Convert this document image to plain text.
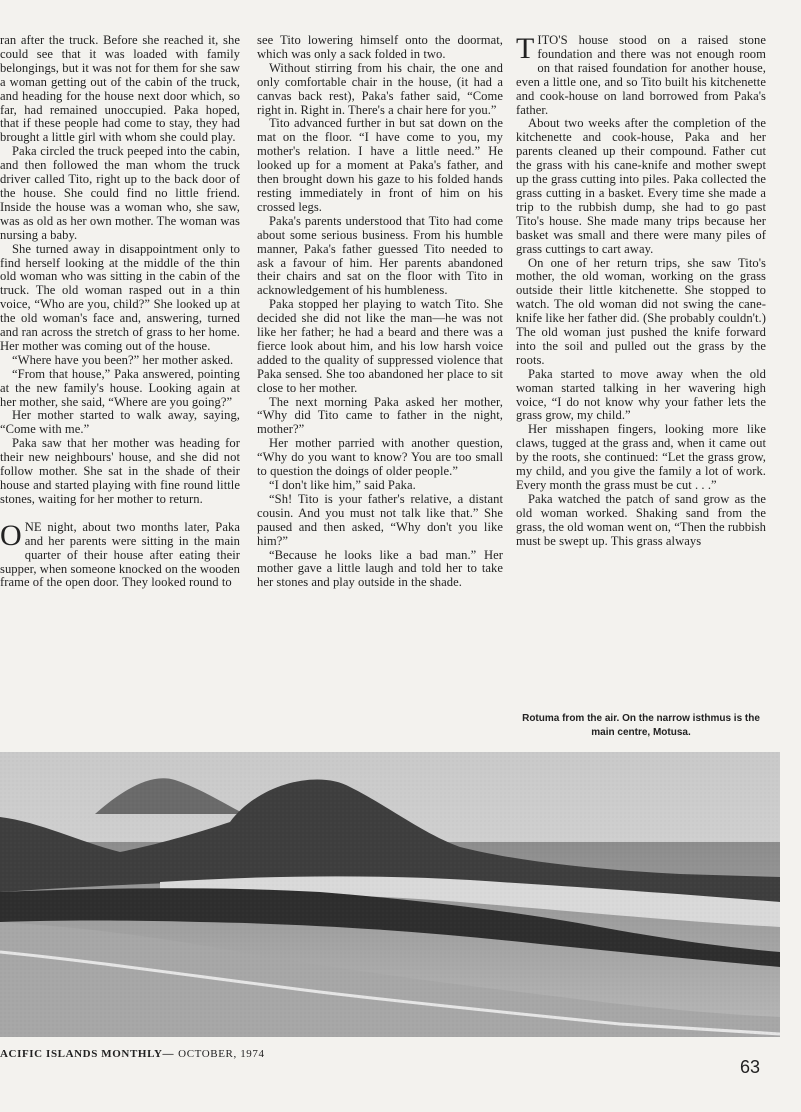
ran after the truck. Before she reached it, she could see that it was loaded with family belongings, but it was not for them for she saw a woman getting out of the cabin of the truck, and heading for the house next door which, so far, had remained unoccupied. Paka hoped, that if these people had come to stay, they had brought a little girl with whom she could play.

Paka circled the truck peeped into the cabin, and then followed the man whom the truck driver called Tito, right up to the back door of the house. She could find no little friend. Inside the house was a woman who, she saw, was as old as her own mother. The woman was nursing a baby.

She turned away in disappointment only to find herself looking at the middle of the thin old woman who was sitting in the cabin of the truck. The old woman rasped out in a thin voice, “Who are you, child?” She looked up at the old woman's face and, answering, turned and ran across the stretch of grass to her home. Her mother was coming out of the house.

“Where have you been?” her mother asked.

“From that house,” Paka answered, pointing at the new family's house. Looking again at her mother, she said, “Where are you going?”

Her mother started to walk away, saying, “Come with me.”

Paka saw that her mother was heading for their new neighbours' house, and she did not follow mother. She sat in the shade of their house and started playing with fine round little stones, waiting for her mother to return.

ONE night, about two months later, Paka and her parents were sitting in the main quarter of their house after eating their supper, when someone knocked on the wooden frame of the open door. They looked round to

see Tito lowering himself onto the doormat, which was only a sack folded in two.

Without stirring from his chair, the one and only comfortable chair in the house, (it had a canvas back rest), Paka's father said, “Come right in. Right in. There's a chair here for you.”

Tito advanced further in but sat down on the mat on the floor. “I have come to you, my mother's relation. I have a little need.” He looked up for a moment at Paka's father, and then brought down his gaze to his folded hands resting immediately in front of him on his crossed legs.

Paka's parents understood that Tito had come about some serious business. From his humble manner, Paka's father guessed Tito needed to ask a favour of him. Her parents abandoned their chairs and sat on the floor with Tito in acknowledgement of his humbleness.

Paka stopped her playing to watch Tito. She decided she did not like the man—he was not like her father; he had a beard and there was a fierce look about him, and his low harsh voice added to the quality of suppressed violence that Paka sensed. She too abandoned her place to sit close to her mother.

The next morning Paka asked her mother, “Why did Tito came to father in the night, mother?”

Her mother parried with another question, “Why do you want to know? You are too small to question the doings of older people.”

“I don't like him,” said Paka.

“Sh! Tito is your father's relative, a distant cousin. And you must not talk like that.” She paused and then asked, “Why don't you like him?”

“Because he looks like a bad man.” Her mother gave a little laugh and told her to take her stones and play outside in the shade.

TITO'S house stood on a raised stone foundation and there was not enough room on that raised foundation for another house, even a little one, and so Tito built his kitchenette and cook-house on land borrowed from Paka's father.

About two weeks after the completion of the kitchenette and cook-house, Paka and her parents cleaned up their compound. Father cut the grass with his cane-knife and mother swept up the grass cutting into piles. Paka collected the grass cutting in a basket. Every time she made a trip to the rubbish dump, she had to go past Tito's house. She made many trips because her basket was small and there were many piles of grass cuttings to cart away.

On one of her return trips, she saw Tito's mother, the old woman, working on the grass outside their little kitchenette. She stopped to watch. The old woman did not swing the cane-knife like her father did. (She probably couldn't.) The old woman just pushed the knife forward into the soil and pulled out the grass by the roots.

Paka started to move away when the old woman started talking in her wavering high voice, “I do not know why your father lets the grass grow, my child.”

Her misshapen fingers, looking more like claws, tugged at the grass and, when it came out by the roots, she continued: “Let the grass grow, my child, and you give the family a lot of work. Every month the grass must be cut . . .”

Paka watched the patch of sand grow as the old woman worked. Shaking sand from the grass, the old woman went on, “Then the rubbish must be swept up. This grass always

Rotuma from the air. On the narrow isthmus is the main centre, Motusa.
ACIFIC ISLANDS MONTHLY— OCTOBER, 1974
63
